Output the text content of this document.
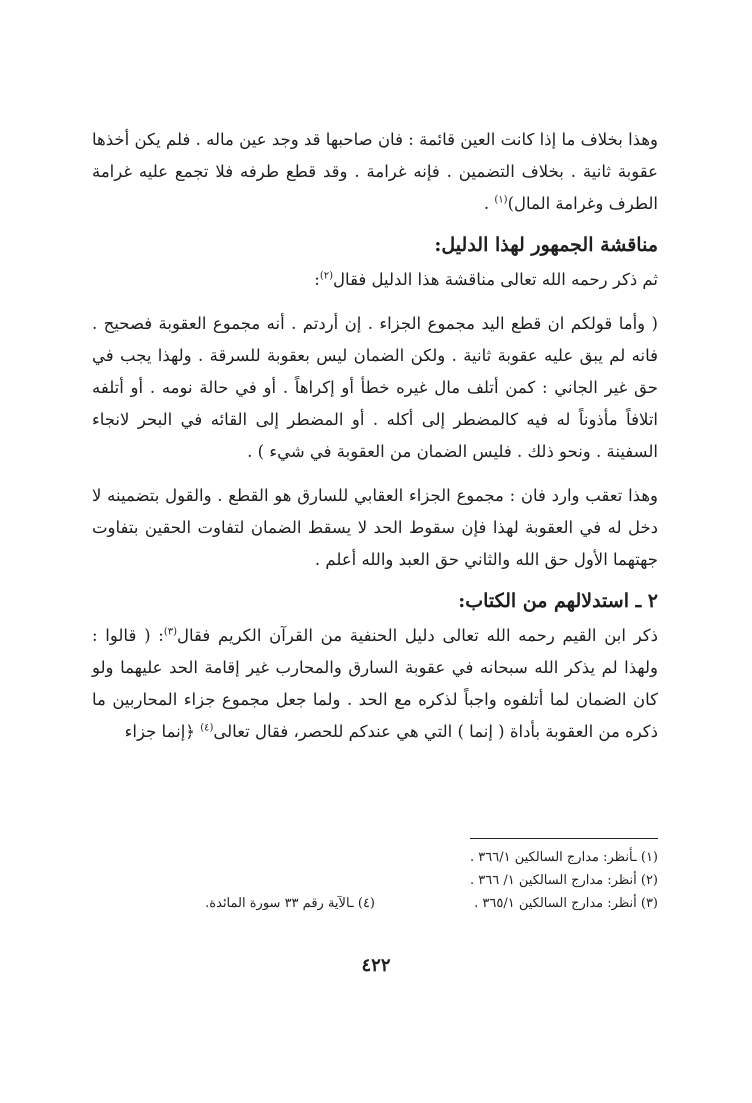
وهذا بخلاف ما إذا كانت العين قائمة : فان صاحبها قد وجد عين ماله . فلم يكن أخذها عقوبة ثانية . بخلاف التضمين . فإنه غرامة . وقد قطع طرفه فلا تجمع عليه غرامة الطرف وغرامة المال)$^{(١)}$ .

مناقشة الجمهور لهذا الدليل:

ثم ذكر رحمه الله تعالى مناقشة هذا الدليل فقال$^{(٢)}$:

( وأما قولكم ان قطع اليد مجموع الجزاء . إن أردتم . أنه مجموع العقوبة فصحيح . فانه لم يبق عليه عقوبة ثانية . ولكن الضمان ليس بعقوبة للسرقة . ولهذا يجب في حق غير الجاني : كمن أتلف مال غيره خطأ أو إكراهاً . أو في حالة نومه . أو أتلفه اتلافاً مأذوناً له فيه كالمضطر إلى أكله . أو المضطر إلى القائه في البحر لانجاء السفينة . ونحو ذلك . فليس الضمان من العقوبة في شيء ) .

وهذا تعقب وارد فان : مجموع الجزاء العقابي للسارق هو القطع . والقول بتضمينه لا دخل له في العقوبة لهذا فإن سقوط الحد لا يسقط الضمان لتفاوت الحقين بتفاوت جهتهما الأول حق الله والثاني حق العبد والله أعلم .

٢ ـ استدلالهم من الكتاب:

ذكر ابن القيم رحمه الله تعالى دليل الحنفية من القرآن الكريم فقال$^{(٣)}$: ( قالوا : ولهذا لم يذكر الله سبحانه في عقوبة السارق والمحارب غير إقامة الحد عليهما ولو كان الضمان لما أتلفوه واجباً لذكره مع الحد . ولما جعل مجموع جزاء المحاربين ما ذكره من العقوبة بأداة ( إنما ) التي هي عندكم للحصر، فقال تعالى$^{(٤)}$ ﴿إنما جزاء

(١) ـأنظر: مدارج السالكين ٣٦٦/١ .
(٢) أنظر: مدارج السالكين ١/ ٣٦٦ .
(٣) أنظر: مدارج السالكين ٣٦٥/١ .
(٤) ـالآية رقم ٣٣ سورة المائدة.
٤٢٢
